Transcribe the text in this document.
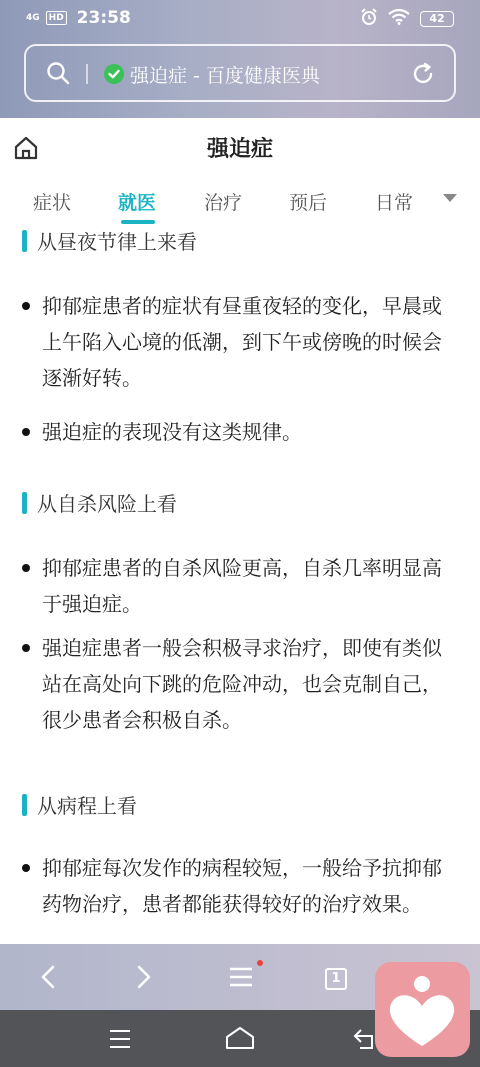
4G	HD 23:58	42
强迫症 - 百度健康医典
强迫症
症状 就医	治疗 预后	日常
从昼夜节律上来看
抑郁症患者的症状有昼重夜轻的变化，早晨或上午陷入心境的低潮，到下午或傍晚的时候会逐渐好转。
强迫症的表现没有这类规律。
从自杀风险上看
抑郁症患者的自杀风险更高，自杀几率明显高于强迫症。
强迫症患者一般会积极寻求治疗，即使有类似站在高处向下跳的危险冲动，也会克制自己，很少患者会积极自杀。
从病程上看
抑郁症每次发作的病程较短，一般给予抗抑郁药物治疗，患者都能获得较好的治疗效果。
1
